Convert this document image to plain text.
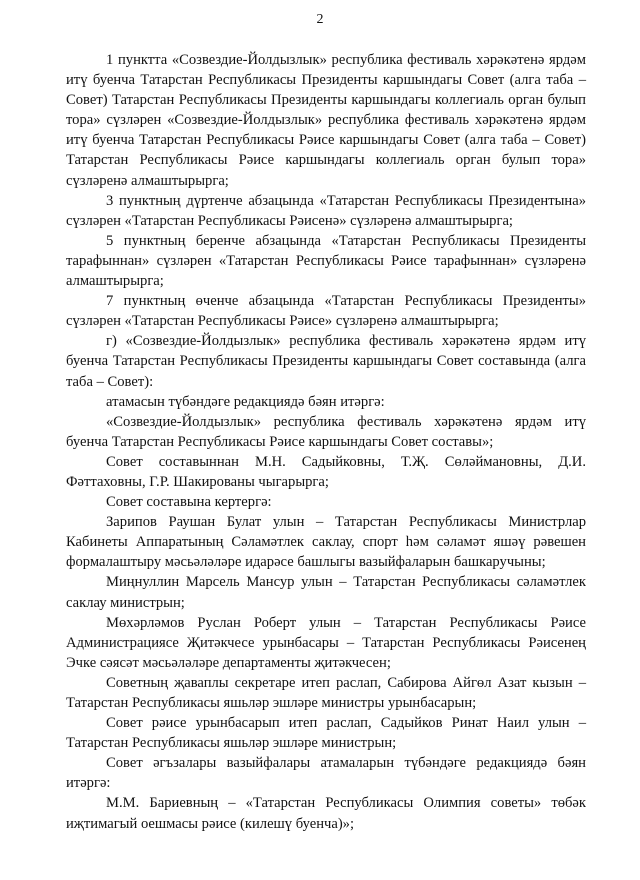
2

1 пунктта «Созвездие-Йолдызлык» республика фестиваль хәрәкәтенә ярдәм итү буенча Татарстан Республикасы Президенты каршындагы Совет (алга таба – Совет) Татарстан Республикасы Президенты каршындагы коллегиаль орган булып тора» сүзләрен «Созвездие-Йолдызлык» республика фестиваль хәрәкәтенә ярдәм итү буенча Татарстан Республикасы Рәисе каршындагы Совет (алга таба – Совет) Татарстан Республикасы Рәисе каршындагы коллегиаль орган булып тора» сүзләренә алмаштырырга;

3 пунктның дүртенче абзацында «Татарстан Республикасы Президентына» сүзләрен «Татарстан Республикасы Рәисенә» сүзләренә алмаштырырга;

5 пунктның беренче абзацында «Татарстан Республикасы Президенты тарафыннан» сүзләрен «Татарстан Республикасы Рәисе тарафыннан» сүзләренә алмаштырырга;

7 пунктның өченче абзацында «Татарстан Республикасы Президенты» сүзләрен «Татарстан Республикасы Рәисе» сүзләренә алмаштырырга;

г) «Созвездие-Йолдызлык» республика фестиваль хәрәкәтенә ярдәм итү буенча Татарстан Республикасы Президенты каршындагы Совет составында (алга таба – Совет):

атамасын түбәндәге редакциядә бәян итәргә:

«Созвездие-Йолдызлык» республика фестиваль хәрәкәтенә ярдәм итү буенча Татарстан Республикасы Рәисе каршындагы Совет составы»;

Совет составыннан М.Н. Садыйковны, Т.Җ. Сөләймановны, Д.И. Фәттаховны, Г.Р. Шакированы чыгарырга;

Совет составына кертергә:

Зарипов Раушан Булат улын – Татарстан Республикасы Министрлар Кабинеты Аппаратының Сәламәтлек саклау, спорт һәм сәламәт яшәү рәвешен формалаштыру мәсьәләләре идарәсе башлыгы вазыйфаларын башкаручыны;

Миңнуллин Марсель Мансур улын – Татарстан Республикасы сәламәтлек саклау министрын;

Мөхәрләмов Руслан Роберт улын – Татарстан Республикасы Рәисе Администрациясе Җитәкчесе урынбасары – Татарстан Республикасы Рәисенең Эчке сәясәт мәсьәләләре департаменты җитәкчесен;

Советның җаваплы секретаре итеп раслап, Сабирова Айгөл Азат кызын – Татарстан Республикасы яшьләр эшләре министры урынбасарын;

Совет рәисе урынбасарып итеп раслап, Садыйков Ринат Наил улын – Татарстан Республикасы яшьләр эшләре министрын;

Совет әгъзалары вазыйфалары атамаларын түбәндәге редакциядә бәян итәргә:

М.М. Бариевның – «Татарстан Республикасы Олимпия советы» төбәк иҗтимагый оешмасы рәисе (килешү буенча)»;
